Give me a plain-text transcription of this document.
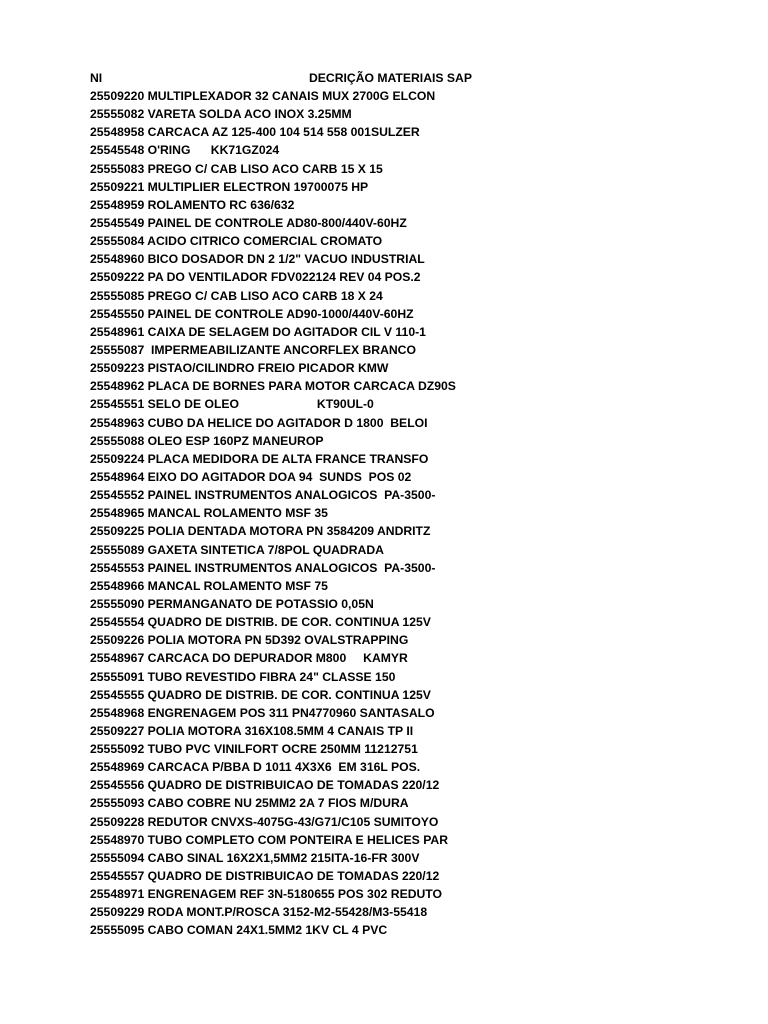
NI	DECRIÇÃO MATERIAIS SAP
25509220 MULTIPLEXADOR 32 CANAIS MUX 2700G ELCON
25555082 VARETA SOLDA ACO INOX 3.25MM
25548958 CARCACA AZ 125-400 104 514 558 001SULZER
25545548 O'RING      KK71GZ024
25555083 PREGO C/ CAB LISO ACO CARB 15 X 15
25509221 MULTIPLIER ELECTRON 19700075 HP
25548959 ROLAMENTO RC 636/632
25545549 PAINEL DE CONTROLE AD80-800/440V-60HZ
25555084 ACIDO CITRICO COMERCIAL CROMATO
25548960 BICO DOSADOR DN 2 1/2" VACUO INDUSTRIAL
25509222 PA DO VENTILADOR FDV022124 REV 04 POS.2
25555085 PREGO C/ CAB LISO ACO CARB 18 X 24
25545550 PAINEL DE CONTROLE AD90-1000/440V-60HZ
25548961 CAIXA DE SELAGEM DO AGITADOR CIL V 110-1
25555087  IMPERMEABILIZANTE ANCORFLEX BRANCO
25509223 PISTAO/CILINDRO FREIO PICADOR KMW
25548962 PLACA DE BORNES PARA MOTOR CARCACA DZ90S
25545551 SELO DE OLEO                       KT90UL-0
25548963 CUBO DA HELICE DO AGITADOR D 1800  BELOI
25555088 OLEO ESP 160PZ MANEUROP
25509224 PLACA MEDIDORA DE ALTA FRANCE TRANSFO
25548964 EIXO DO AGITADOR DOA 94  SUNDS  POS 02
25545552 PAINEL INSTRUMENTOS ANALOGICOS  PA-3500-
25548965 MANCAL ROLAMENTO MSF 35
25509225 POLIA DENTADA MOTORA PN 3584209 ANDRITZ
25555089 GAXETA SINTETICA 7/8POL QUADRADA
25545553 PAINEL INSTRUMENTOS ANALOGICOS  PA-3500-
25548966 MANCAL ROLAMENTO MSF 75
25555090 PERMANGANATO DE POTASSIO 0,05N
25545554 QUADRO DE DISTRIB. DE COR. CONTINUA 125V
25509226 POLIA MOTORA PN 5D392 OVALSTRAPPING
25548967 CARCACA DO DEPURADOR M800     KAMYR
25555091 TUBO REVESTIDO FIBRA 24" CLASSE 150
25545555 QUADRO DE DISTRIB. DE COR. CONTINUA 125V
25548968 ENGRENAGEM POS 311 PN4770960 SANTASALO
25509227 POLIA MOTORA 316X108.5MM 4 CANAIS TP II
25555092 TUBO PVC VINILFORT OCRE 250MM 11212751
25548969 CARCACA P/BBA D 1011 4X3X6  EM 316L POS.
25545556 QUADRO DE DISTRIBUICAO DE TOMADAS 220/12
25555093 CABO COBRE NU 25MM2 2A 7 FIOS M/DURA
25509228 REDUTOR CNVXS-4075G-43/G71/C105 SUMITOYO
25548970 TUBO COMPLETO COM PONTEIRA E HELICES PAR
25555094 CABO SINAL 16X2X1,5MM2 215ITA-16-FR 300V
25545557 QUADRO DE DISTRIBUICAO DE TOMADAS 220/12
25548971 ENGRENAGEM REF 3N-5180655 POS 302 REDUTO
25509229 RODA MONT.P/ROSCA 3152-M2-55428/M3-55418
25555095 CABO COMAN 24X1.5MM2 1KV CL 4 PVC
